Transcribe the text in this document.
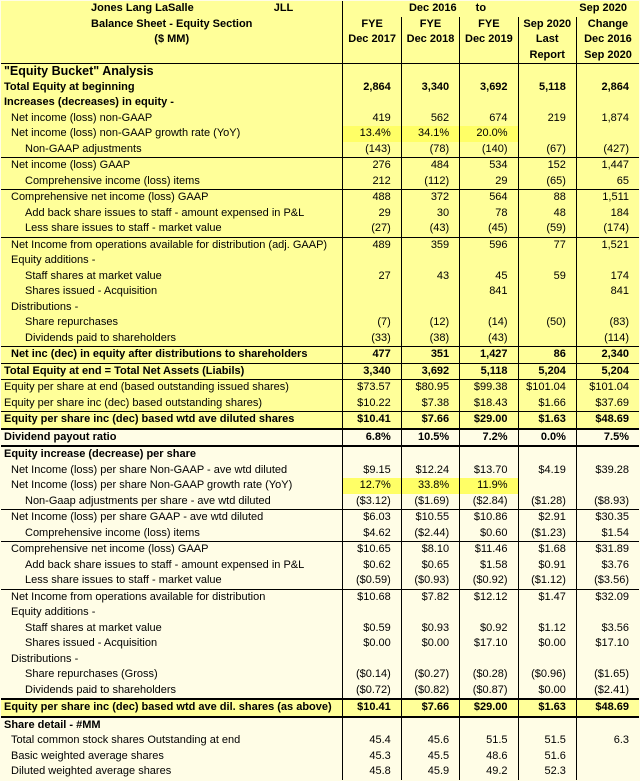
Jones Lang LaSalle JLL	Dec 2016		to	Sep 2020	
Balance Sheet - Equity Section	FYE	FYE	FYE	Sep 2020	Change
($ MM)	Dec 2017	Dec 2018	Dec 2019	Last	Dec 2016
				Report	Sep 2020
"Equity Bucket" Analysis					
Total Equity at beginning	2,864	3,340	3,692	5,118	2,864
Increases (decreases) in equity -					
Net income (loss) non-GAAP	419	562	674	219	1,874
Net income (loss) non-GAAP growth rate (YoY)	13.4%	34.1%	20.0%		
Non-GAAP adjustments	(143)	(78)	(140)	(67)	(427)
Net income (loss) GAAP	276	484	534	152	1,447
Comprehensive income (loss) items	212	(112)	29	(65)	65
Comprehensive net income (loss) GAAP	488	372	564	88	1,511
Add back share issues to staff - amount expensed in P&L	29	30	78	48	184
Less share issues to staff - market value	(27)	(43)	(45)	(59)	(174)
Net Income from operations available for distribution (adj. GAAP)	489	359	596	77	1,521
Equity additions -					
Staff shares at market value	27	43	45	59	174
Shares issued - Acquisition			841		841
Distributions -					
Share repurchases	(7)	(12)	(14)	(50)	(83)
Dividends paid to shareholders	(33)	(38)	(43)		(114)
Net inc (dec) in equity after distributions to shareholders	477	351	1,427	86	2,340
Total Equity at end = Total Net Assets (Liabils)	3,340	3,692	5,118	5,204	5,204
Equity per share at end (based outstanding issued shares)	$73.57	$80.95	$99.38	$101.04	$101.04
Equity per share inc (dec) based outstanding shares)	$10.22	$7.38	$18.43	$1.66	$37.69
Equity per share inc (dec) based wtd ave diluted shares	$10.41	$7.66	$29.00	$1.63	$48.69
Dividend payout ratio	6.8%	10.5%	7.2%	0.0%	7.5%
Equity increase (decrease) per share					
Net Income (loss) per share Non-GAAP - ave wtd diluted	$9.15	$12.24	$13.70	$4.19	$39.28
Net Income (loss) per share Non-GAAP growth rate (YoY)	12.7%	33.8%	11.9%		
Non-Gaap adjustments per share - ave wtd diluted	($3.12)	($1.69)	($2.84)	($1.28)	($8.93)
Net Income (loss) per share GAAP - ave wtd diluted	$6.03	$10.55	$10.86	$2.91	$30.35
Comprehensive income (loss) items	$4.62	($2.44)	$0.60	($1.23)	$1.54
Comprehensive net income (loss) GAAP	$10.65	$8.10	$11.46	$1.68	$31.89
Add back share issues to staff - amount expensed in P&L	$0.62	$0.65	$1.58	$0.91	$3.76
Less share issues to staff - market value	($0.59)	($0.93)	($0.92)	($1.12)	($3.56)
Net Income from operations available for distribution	$10.68	$7.82	$12.12	$1.47	$32.09
Equity additions -					
Staff shares at market value	$0.59	$0.93	$0.92	$1.12	$3.56
Shares issued - Acquisition	$0.00	$0.00	$17.10	$0.00	$17.10
Distributions -					
Share repurchases (Gross)	($0.14)	($0.27)	($0.28)	($0.96)	($1.65)
Dividends paid to shareholders	($0.72)	($0.82)	($0.87)	$0.00	($2.41)
Equity per share inc (dec) based wtd ave dil. shares (as above)	$10.41	$7.66	$29.00	$1.63	$48.69
Share detail - #MM					
Total common stock shares Outstanding at end	45.4	45.6	51.5	51.5	6.3
Basic weighted average shares	45.3	45.5	48.6	51.6	
Diluted weighted average shares	45.8	45.9	49.2	52.3	
